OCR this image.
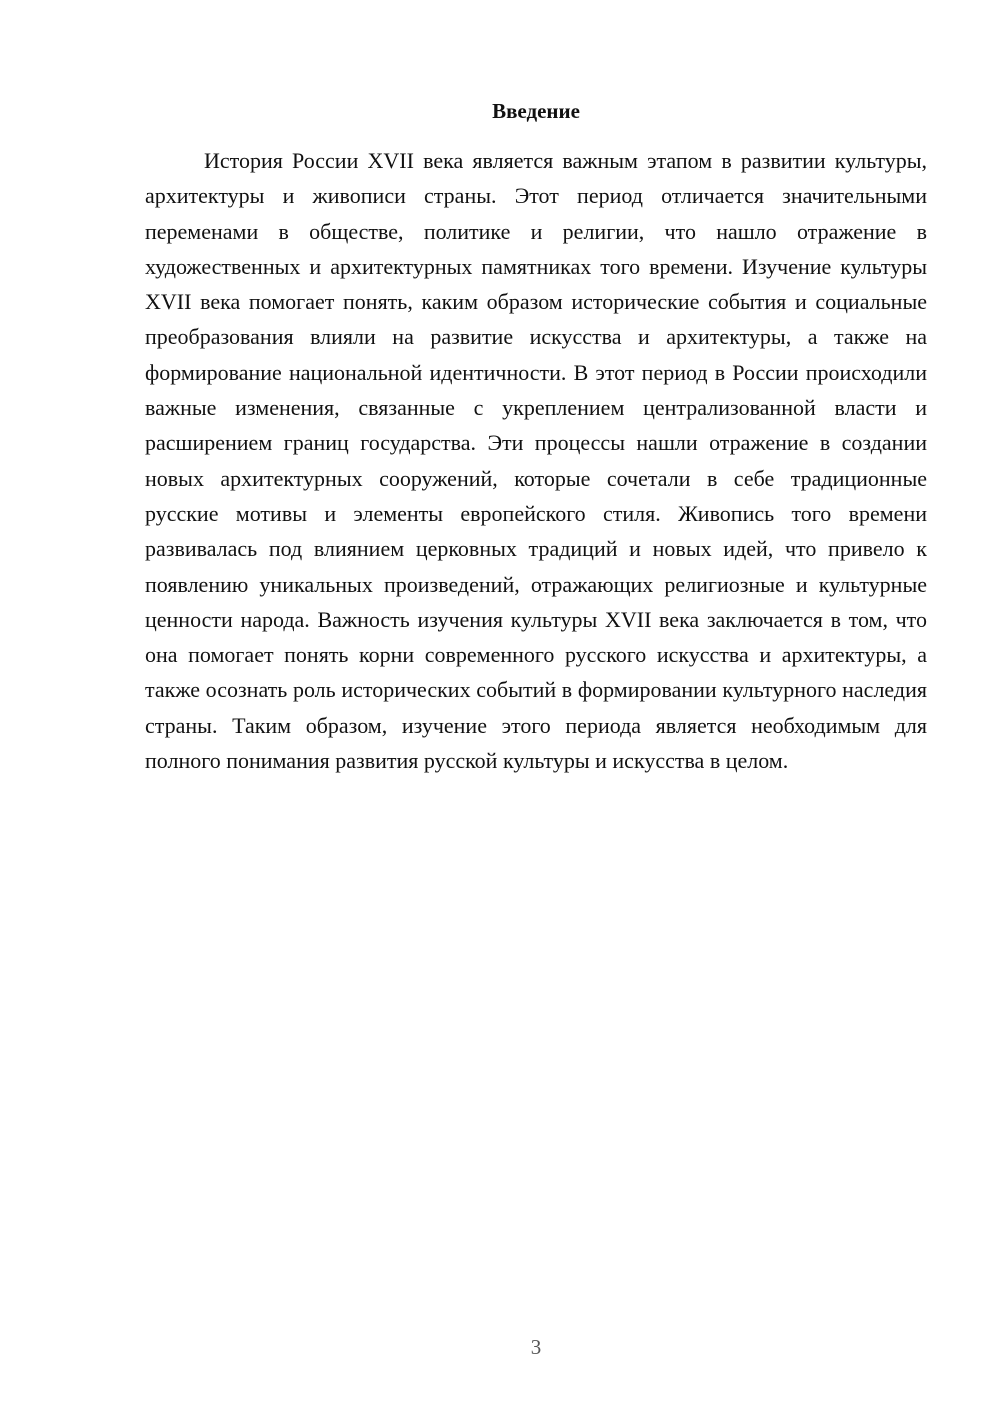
Введение

История России XVII века является важным этапом в развитии культуры, архитектуры и живописи страны. Этот период отличается значительными переменами в обществе, политике и религии, что нашло отражение в художественных и архитектурных памятниках того времени. Изучение культуры XVII века помогает понять, каким образом исторические события и социальные преобразования влияли на развитие искусства и архитектуры, а также на формирование национальной идентичности. В этот период в России происходили важные изменения, связанные с укреплением централизованной власти и расширением границ государства. Эти процессы нашли отражение в создании новых архитектурных сооружений, которые сочетали в себе традиционные русские мотивы и элементы европейского стиля. Живопись того времени развивалась под влиянием церковных традиций и новых идей, что привело к появлению уникальных произведений, отражающих религиозные и культурные ценности народа. Важность изучения культуры XVII века заключается в том, что она помогает понять корни современного русского искусства и архитектуры, а также осознать роль исторических событий в формировании культурного наследия страны. Таким образом, изучение этого периода является необходимым для полного понимания развития русской культуры и искусства в целом.

3
